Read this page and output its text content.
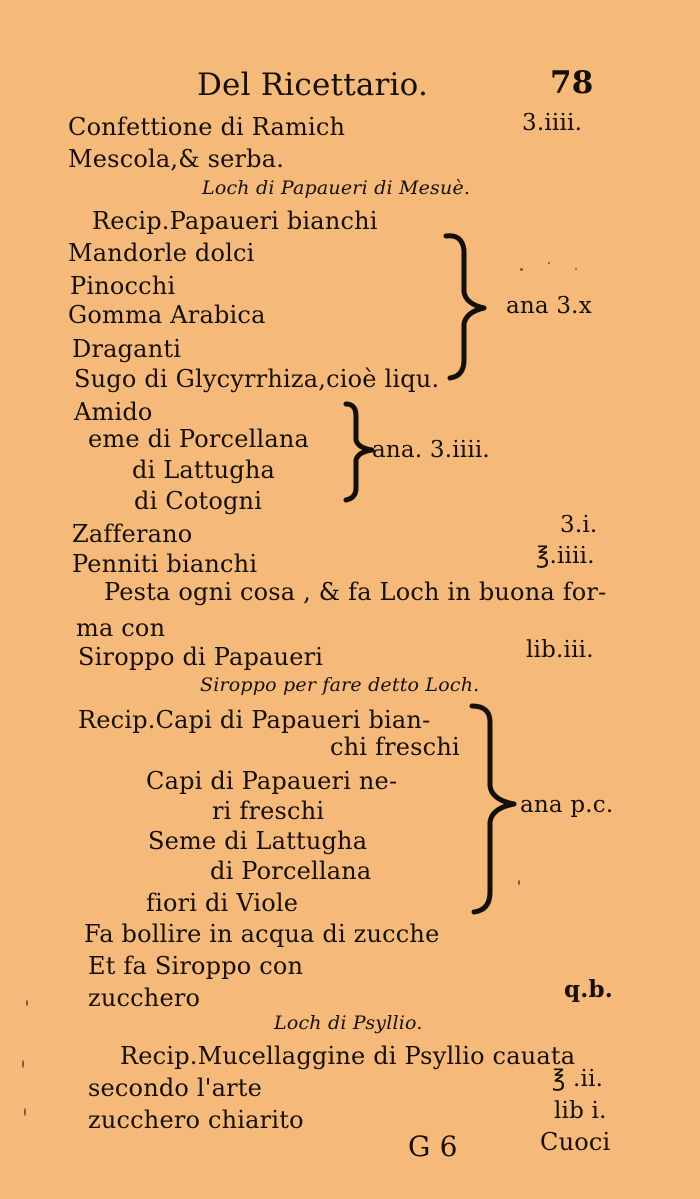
Del Ricettario.	78
Confettione di Ramich	3.iiii.
Mescola,& serba.
Loch di Papaueri di Mesuè.
Recip.Papaueri bianchi
Mandorle dolci
Pinocchi
Gomma Arabica
Draganti
Sugo di Glycyrrhiza,cioè liqu.
ana 3.x
Amido
eme di Porcellana
di Lattugha
di Cotogni
ana. 3.iiii.
Zafferano	3.i.
Penniti bianchi	℥.iiii.
Pesta ogni cosa , & fa Loch in buona for-
ma con
Siroppo di Papaueri	lib.iii.
Siroppo per fare detto Loch.
Recip.Capi di Papaueri bian-
chi freschi
Capi di Papaueri ne-
ri freschi
Seme di Lattugha
di Porcellana
fiori di Viole
ana p.c.
Fa bollire in acqua di zucche
Et fa Siroppo con
zucchero	q.b.
Loch di Psyllio.
Recip.Mucellaggine di Psyllio cauata
secondo l'arte	℥ .ii.
zucchero chiarito	lib i.
G 6	Cuoci
